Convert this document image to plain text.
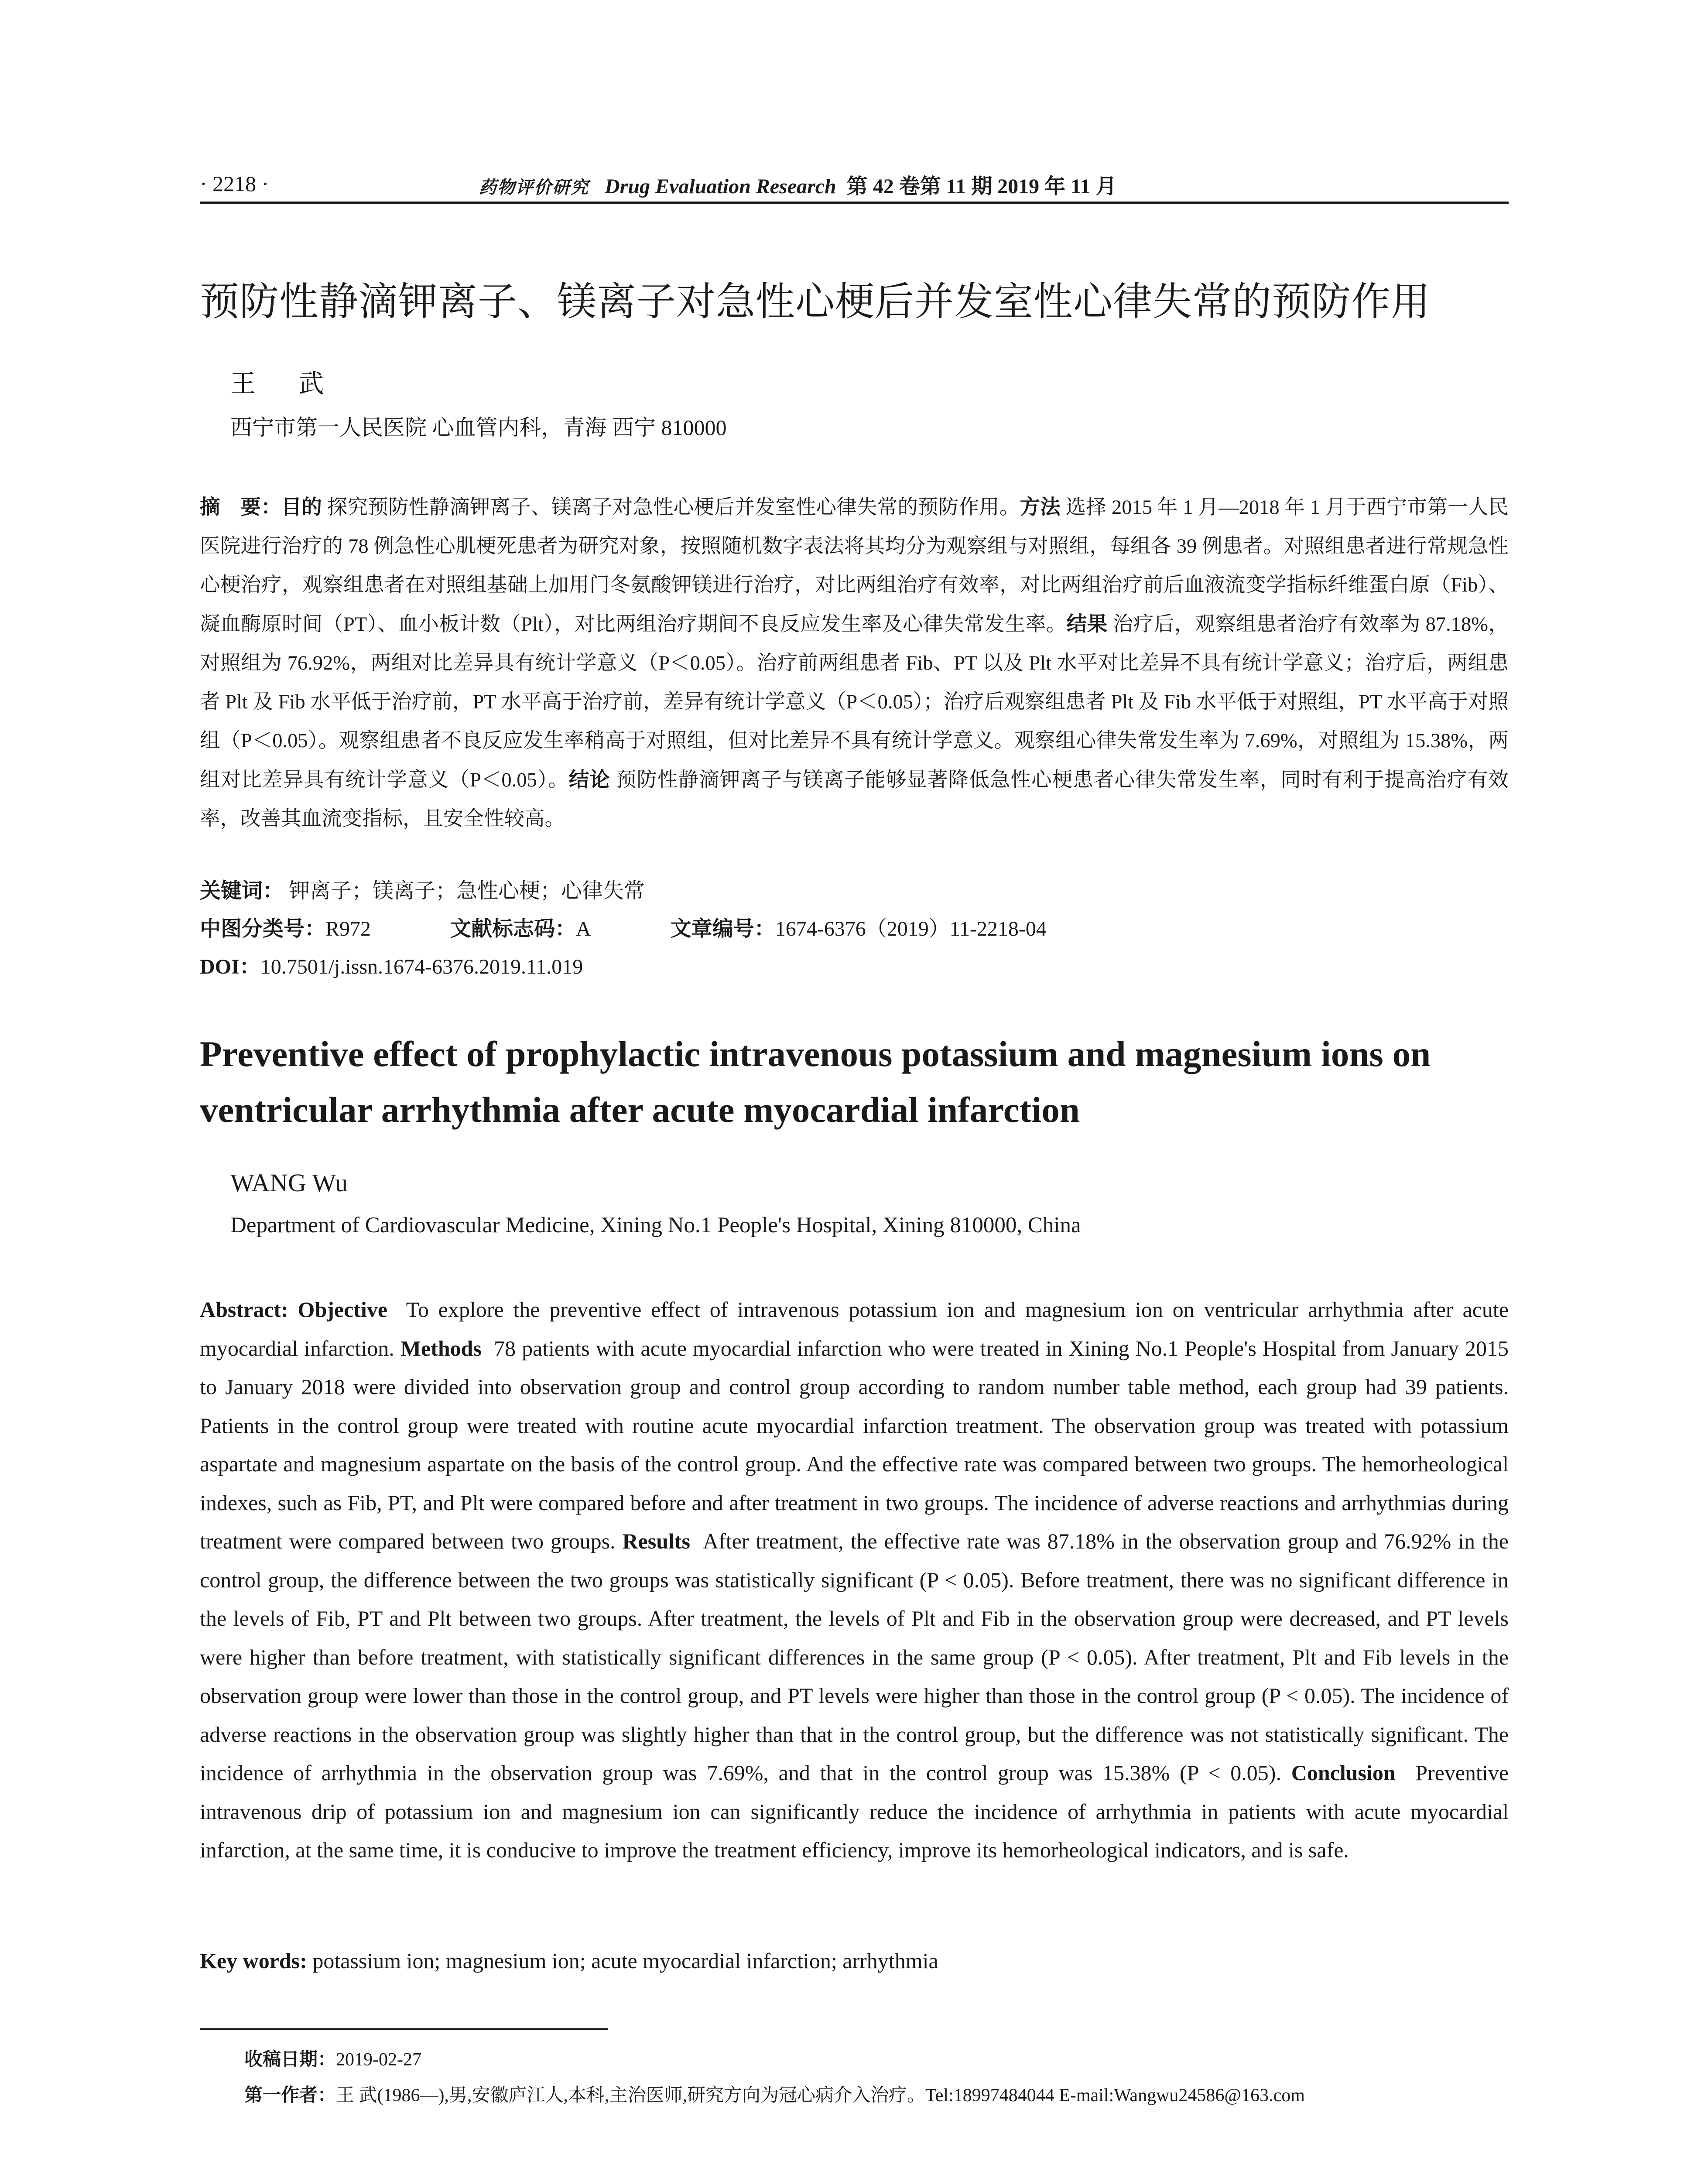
· 2218 ·	药物评价研究 Drug Evaluation Research 第 42 卷第 11 期 2019 年 11 月
预防性静滴钾离子、镁离子对急性心梗后并发室性心律失常的预防作用
王 武
西宁市第一人民医院 心血管内科，青海 西宁 810000
摘　要：目的 探究预防性静滴钾离子、镁离子对急性心梗后并发室性心律失常的预防作用。方法 选择 2015 年 1 月—2018 年 1 月于西宁市第一人民医院进行治疗的 78 例急性心肌梗死患者为研究对象，按照随机数字表法将其均分为观察组与对照组，每组各 39 例患者。对照组患者进行常规急性心梗治疗，观察组患者在对照组基础上加用门冬氨酸钾镁进行治疗，对比两组治疗有效率，对比两组治疗前后血液流变学指标纤维蛋白原（Fib）、凝血酶原时间（PT）、血小板计数（Plt），对比两组治疗期间不良反应发生率及心律失常发生率。结果 治疗后，观察组患者治疗有效率为 87.18%，对照组为 76.92%，两组对比差异具有统计学意义（P＜0.05）。治疗前两组患者 Fib、PT 以及 Plt 水平对比差异不具有统计学意义；治疗后，两组患者 Plt 及 Fib 水平低于治疗前，PT 水平高于治疗前，差异有统计学意义（P＜0.05）；治疗后观察组患者 Plt 及 Fib 水平低于对照组，PT 水平高于对照组（P＜0.05）。观察组患者不良反应发生率稍高于对照组，但对比差异不具有统计学意义。观察组心律失常发生率为 7.69%，对照组为 15.38%，两组对比差异具有统计学意义（P＜0.05）。结论 预防性静滴钾离子与镁离子能够显著降低急性心梗患者心律失常发生率，同时有利于提高治疗有效率，改善其血流变指标，且安全性较高。
关键词： 钾离子；镁离子；急性心梗；心律失常
中图分类号：R972	文献标志码：A	文章编号：1674-6376（2019）11-2218-04
DOI：10.7501/j.issn.1674-6376.2019.11.019
Preventive effect of prophylactic intravenous potassium and magnesium ions on ventricular arrhythmia after acute myocardial infarction
WANG Wu
Department of Cardiovascular Medicine, Xining No.1 People's Hospital, Xining 810000, China
Abstract: Objective To explore the preventive effect of intravenous potassium ion and magnesium ion on ventricular arrhythmia after acute myocardial infarction. Methods 78 patients with acute myocardial infarction who were treated in Xining No.1 People's Hospital from January 2015 to January 2018 were divided into observation group and control group according to random number table method, each group had 39 patients. Patients in the control group were treated with routine acute myocardial infarction treatment. The observation group was treated with potassium aspartate and magnesium aspartate on the basis of the control group. And the effective rate was compared between two groups. The hemorheological indexes, such as Fib, PT, and Plt were compared before and after treatment in two groups. The incidence of adverse reactions and arrhythmias during treatment were compared between two groups. Results After treatment, the effective rate was 87.18% in the observation group and 76.92% in the control group, the difference between the two groups was statistically significant (P < 0.05). Before treatment, there was no significant difference in the levels of Fib, PT and Plt between two groups. After treatment, the levels of Plt and Fib in the observation group were decreased, and PT levels were higher than before treatment, with statistically significant differences in the same group (P < 0.05). After treatment, Plt and Fib levels in the observation group were lower than those in the control group, and PT levels were higher than those in the control group (P < 0.05). The incidence of adverse reactions in the observation group was slightly higher than that in the control group, but the difference was not statistically significant. The incidence of arrhythmia in the observation group was 7.69%, and that in the control group was 15.38% (P < 0.05). Conclusion Preventive intravenous drip of potassium ion and magnesium ion can significantly reduce the incidence of arrhythmia in patients with acute myocardial infarction, at the same time, it is conducive to improve the treatment efficiency, improve its hemorheological indicators, and is safe.
Key words: potassium ion; magnesium ion; acute myocardial infarction; arrhythmia
收稿日期：2019-02-27
第一作者：王 武(1986—),男,安徽庐江人,本科,主治医师,研究方向为冠心病介入治疗。Tel:18997484044 E-mail:Wangwu24586@163.com
